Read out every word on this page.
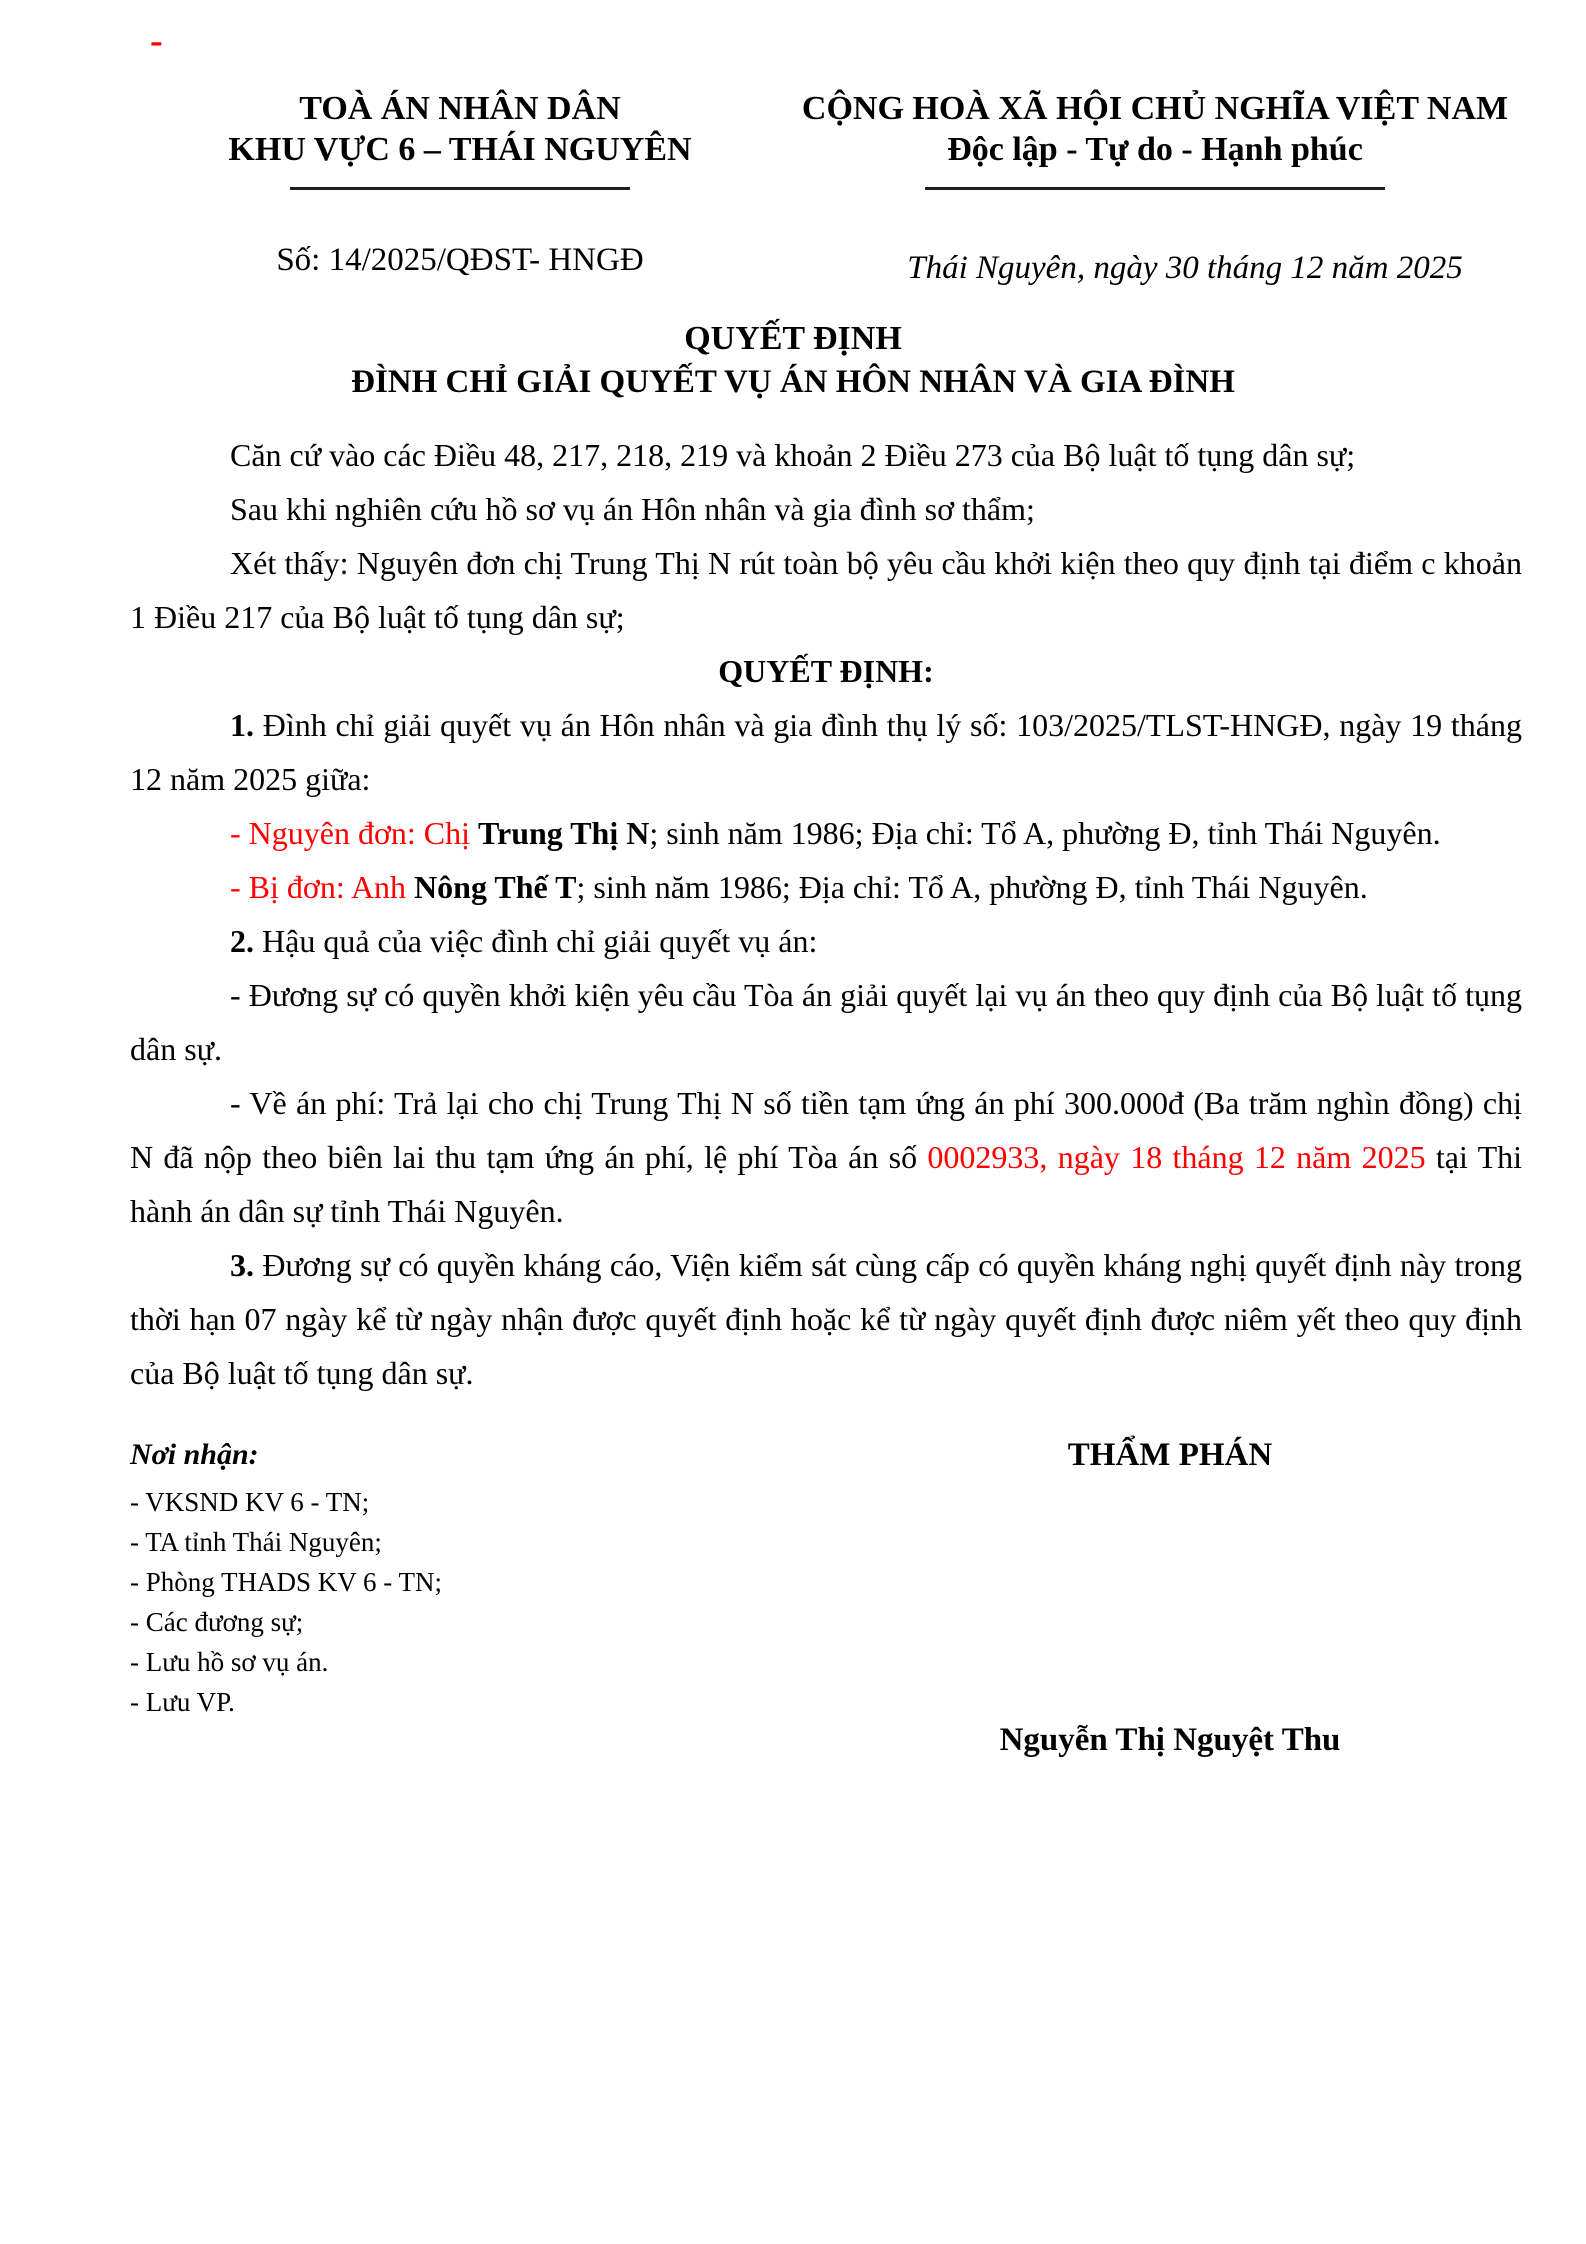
-
TOÀ ÁN NHÂN DÂN
KHU VỰC 6 – THÁI NGUYÊN
Số: 14/2025/QĐST- HNGĐ
CỘNG HOÀ XÃ HỘI CHỦ NGHĨA VIỆT NAM
Độc lập - Tự do - Hạnh phúc
Thái Nguyên, ngày 30 tháng 12 năm 2025
QUYẾT ĐỊNH
ĐÌNH CHỈ GIẢI QUYẾT VỤ ÁN HÔN NHÂN VÀ GIA ĐÌNH

Căn cứ vào các Điều 48, 217, 218, 219 và khoản 2 Điều 273 của Bộ luật tố tụng dân sự;

Sau khi nghiên cứu hồ sơ vụ án Hôn nhân và gia đình sơ thẩm;

Xét thấy: Nguyên đơn chị Trung Thị N rút toàn bộ yêu cầu khởi kiện theo quy định tại điểm c khoản 1 Điều 217 của Bộ luật tố tụng dân sự;

QUYẾT ĐỊNH:

1. Đình chỉ giải quyết vụ án Hôn nhân và gia đình thụ lý số: 103/2025/TLST-HNGĐ, ngày 19 tháng 12 năm 2025 giữa:

- Nguyên đơn: Chị Trung Thị N; sinh năm 1986; Địa chỉ: Tổ A, phường Đ, tỉnh Thái Nguyên.

- Bị đơn: Anh Nông Thế T; sinh năm 1986; Địa chỉ: Tổ A, phường Đ, tỉnh Thái Nguyên.

2. Hậu quả của việc đình chỉ giải quyết vụ án:

- Đương sự có quyền khởi kiện yêu cầu Tòa án giải quyết lại vụ án theo quy định của Bộ luật tố tụng dân sự.

- Về án phí: Trả lại cho chị Trung Thị N số tiền tạm ứng án phí 300.000đ (Ba trăm nghìn đồng) chị N đã nộp theo biên lai thu tạm ứng án phí, lệ phí Tòa án số 0002933, ngày 18 tháng 12 năm 2025 tại Thi hành án dân sự tỉnh Thái Nguyên.

3. Đương sự có quyền kháng cáo, Viện kiểm sát cùng cấp có quyền kháng nghị quyết định này trong thời hạn 07 ngày kể từ ngày nhận được quyết định hoặc kể từ ngày quyết định được niêm yết theo quy định của Bộ luật tố tụng dân sự.

Nơi nhận:
- VKSND KV 6 - TN;
- TA tỉnh Thái Nguyên;
- Phòng THADS KV 6 - TN;
- Các đương sự;
- Lưu hồ sơ vụ án.
- Lưu VP.
THẨM PHÁN
Nguyễn Thị Nguyệt Thu
